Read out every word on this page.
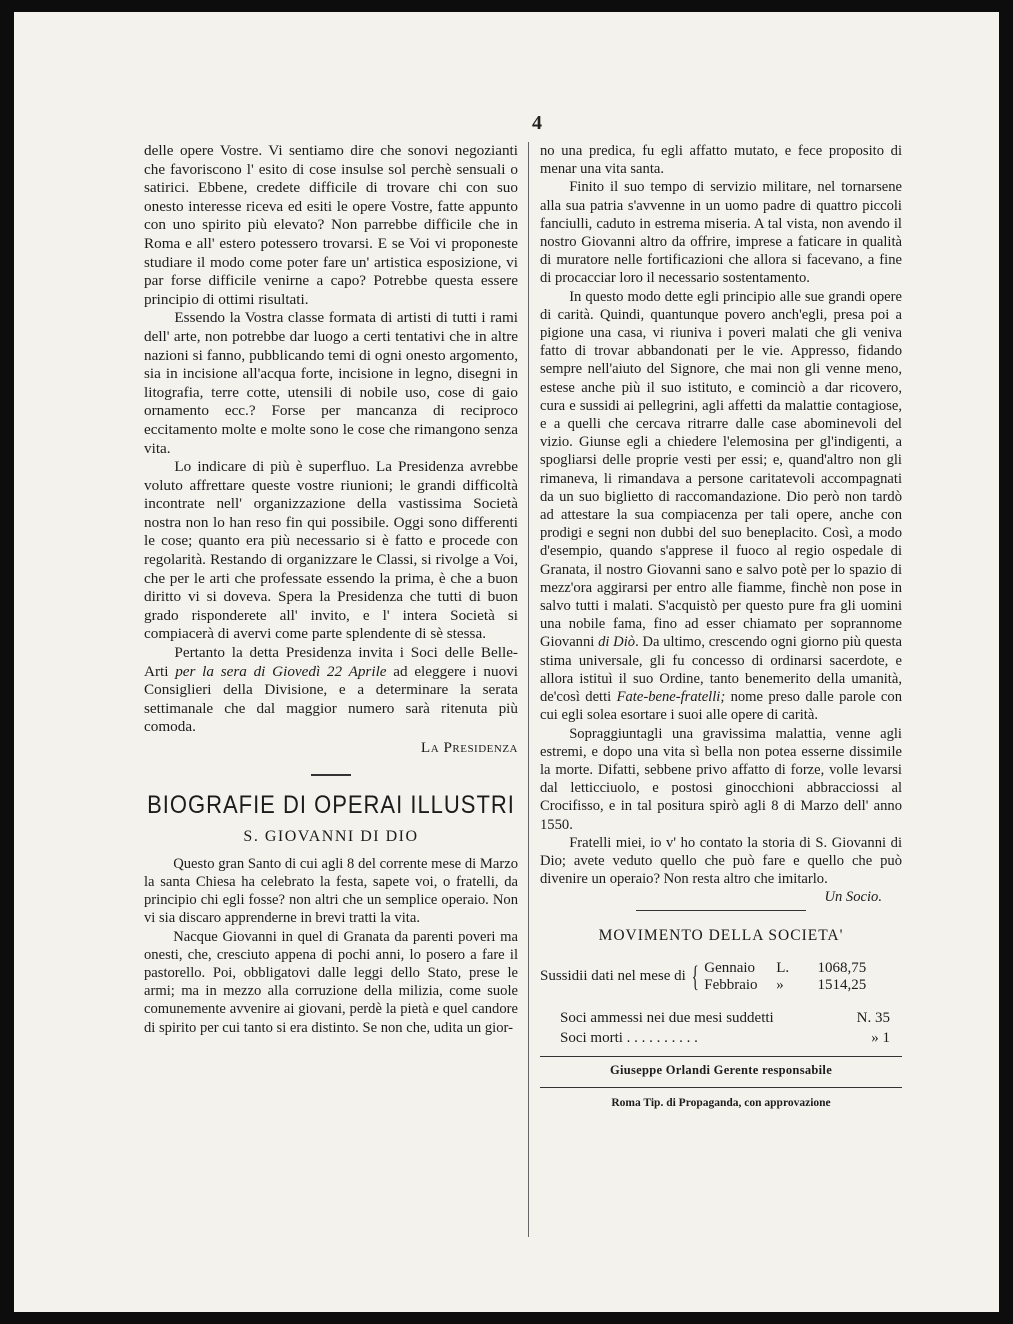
4

delle opere Vostre. Vi sentiamo dire che sonovi negozianti che favoriscono l' esito di cose insulse sol perchè sensuali o satirici. Ebbene, credete difficile di trovare chi con suo onesto interesse riceva ed esiti le opere Vostre, fatte appunto con uno spirito più elevato? Non parrebbe difficile che in Roma e all' estero potessero trovarsi. E se Voi vi proponeste studiare il modo come poter fare un' artistica esposizione, vi par forse difficile venirne a capo? Potrebbe questa essere principio di ottimi risultati.

Essendo la Vostra classe formata di artisti di tutti i rami dell' arte, non potrebbe dar luogo a certi tentativi che in altre nazioni si fanno, pubblicando temi di ogni onesto argomento, sia in incisione all'acqua forte, incisione in legno, disegni in litografia, terre cotte, utensili di nobile uso, cose di gaio ornamento ecc.? Forse per mancanza di reciproco eccitamento molte e molte sono le cose che rimangono senza vita.

Lo indicare di più è superfluo. La Presidenza avrebbe voluto affrettare queste vostre riunioni; le grandi difficoltà incontrate nell' organizzazione della vastissima Società nostra non lo han reso fin qui possibile. Oggi sono differenti le cose; quanto era più necessario si è fatto e procede con regolarità. Restando di organizzare le Classi, si rivolge a Voi, che per le arti che professate essendo la prima, è che a buon diritto vi si doveva. Spera la Presidenza che tutti di buon grado risponderete all' invito, e l' intera Società si compiacerà di avervi come parte splendente di sè stessa.

Pertanto la detta Presidenza invita i Soci delle Belle-Arti per la sera di Giovedì 22 Aprile ad eleggere i nuovi Consiglieri della Divisione, e a determinare la serata settimanale che dal maggior numero sarà ritenuta più comoda.

La Presidenza

BIOGRAFIE DI OPERAI ILLUSTRI
S. GIOVANNI DI DIO

Questo gran Santo di cui agli 8 del corrente mese di Marzo la santa Chiesa ha celebrato la festa, sapete voi, o fratelli, da principio chi egli fosse? non altri che un semplice operaio. Non vi sia discaro apprenderne in brevi tratti la vita.

Nacque Giovanni in quel di Granata da parenti poveri ma onesti, che, cresciuto appena di pochi anni, lo posero a fare il pastorello. Poi, obbligatovi dalle leggi dello Stato, prese le armi; ma in mezzo alla corruzione della milizia, come suole comunemente avvenire ai giovani, perdè la pietà e quel candore di spirito per cui tanto si era distinto. Se non che, udita un gior-

no una predica, fu egli affatto mutato, e fece proposito di menar una vita santa.

Finito il suo tempo di servizio militare, nel tornarsene alla sua patria s'avvenne in un uomo padre di quattro piccoli fanciulli, caduto in estrema miseria. A tal vista, non avendo il nostro Giovanni altro da offrire, imprese a faticare in qualità di muratore nelle fortificazioni che allora si facevano, a fine di procacciar loro il necessario sostentamento.

In questo modo dette egli principio alle sue grandi opere di carità. Quindi, quantunque povero anch'egli, presa poi a pigione una casa, vi riuniva i poveri malati che gli veniva fatto di trovar abbandonati per le vie. Appresso, fidando sempre nell'aiuto del Signore, che mai non gli venne meno, estese anche più il suo istituto, e cominciò a dar ricovero, cura e sussidi ai pellegrini, agli affetti da malattie contagiose, e a quelli che cercava ritrarre dalle case abominevoli del vizio. Giunse egli a chiedere l'elemosina per gl'indigenti, a spogliarsi delle proprie vesti per essi; e, quand'altro non gli rimaneva, li rimandava a persone caritatevoli accompagnati da un suo biglietto di raccomandazione. Dio però non tardò ad attestare la sua compiacenza per tali opere, anche con prodigi e segni non dubbi del suo beneplacito. Così, a modo d'esempio, quando s'apprese il fuoco al regio ospedale di Granata, il nostro Giovanni sano e salvo potè per lo spazio di mezz'ora aggirarsi per entro alle fiamme, finchè non pose in salvo tutti i malati. S'acquistò per questo pure fra gli uomini una nobile fama, fino ad esser chiamato per soprannome Giovanni di Diò. Da ultimo, crescendo ogni giorno più questa stima universale, gli fu concesso di ordinarsi sacerdote, e allora istituì il suo Ordine, tanto benemerito della umanità, de'così detti Fate-bene-fratelli; nome preso dalle parole con cui egli solea esortare i suoi alle opere di carità.

Sopraggiuntagli una gravissima malattia, venne agli estremi, e dopo una vita sì bella non potea esserne dissimile la morte. Difatti, sebbene privo affatto di forze, volle levarsi dal letticciuolo, e postosi ginocchioni abbracciossi al Crocifisso, e in tal positura spirò agli 8 di Marzo dell' anno 1550.

Fratelli miei, io v' ho contato la storia di S. Giovanni di Dio; avete veduto quello che può fare e quello che può divenire un operaio? Non resta altro che imitarlo.
Un Socio.

MOVIMENTO DELLA SOCIETA'
Sussidii dati nel mese di { Gennaio	L.	1068,75
Febbraio	»	1514,25
Soci ammessi nei due mesi suddetti	N. 35
Soci morti . . . . . . . . . .	» 1
Giuseppe Orlandi Gerente responsabile
Roma Tip. di Propaganda, con approvazione
